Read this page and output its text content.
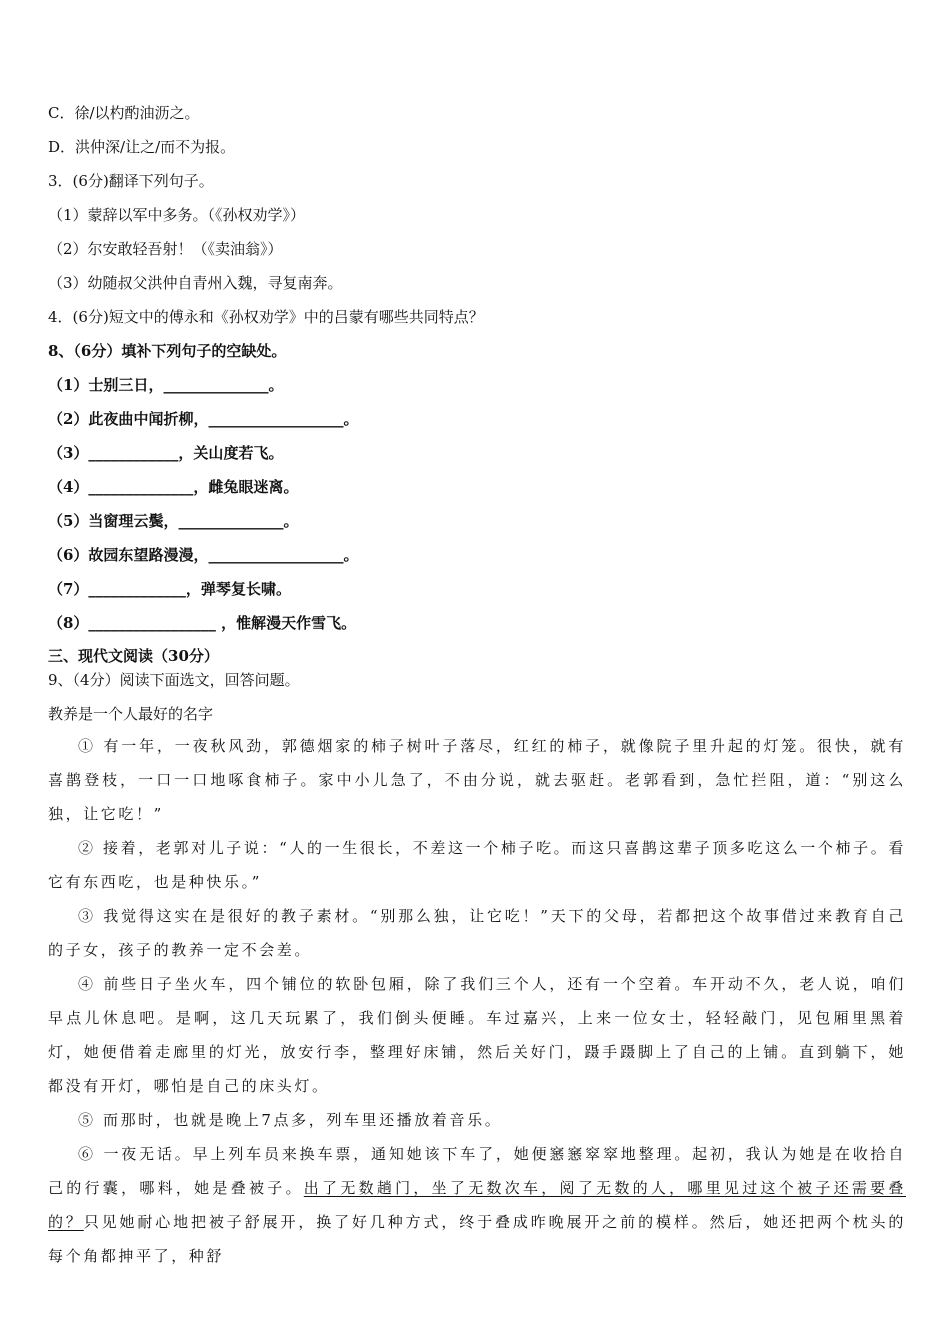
C．徐/以杓酌油沥之。
D．洪仲深/让之/而不为报。
3．(6分)翻译下列句子。
（1）蒙辞以军中多务。（《孙权劝学》）
（2）尔安敢轻吾射！（《卖油翁》）
（3）幼随叔父洪仲自青州入魏，寻复南奔。
4．(6分)短文中的傅永和《孙权劝学》中的吕蒙有哪些共同特点？
8、（6分）填补下列句子的空缺处。
（1）士别三日，______________。
（2）此夜曲中闻折柳，__________________。
（3）____________，关山度若飞。
（4）______________，雌兔眼迷离。
（5）当窗理云鬓，______________。
（6）故园东望路漫漫，__________________。
（7）_____________，弹琴复长啸。
（8）_________________ ，惟解漫天作雪飞。
三、现代文阅读（30分）
9、（4分）阅读下面选文，回答问题。
教养是一个人最好的名字

① 有一年，一夜秋风劲，郭德烟家的柿子树叶子落尽，红红的柿子，就像院子里升起的灯笼。很快，就有喜鹊登枝，一口一口地啄食柿子。家中小儿急了，不由分说，就去驱赶。老郭看到，急忙拦阻，道：“别这么独，让它吃！”

② 接着，老郭对儿子说：“人的一生很长，不差这一个柿子吃。而这只喜鹊这辈子顶多吃这么一个柿子。看它有东西吃，也是种快乐。”

③ 我觉得这实在是很好的教子素材。“别那么独，让它吃！”天下的父母，若都把这个故事借过来教育自己的子女，孩子的教养一定不会差。

④ 前些日子坐火车，四个铺位的软卧包厢，除了我们三个人，还有一个空着。车开动不久，老人说，咱们早点儿休息吧。是啊，这几天玩累了，我们倒头便睡。车过嘉兴，上来一位女士，轻轻敲门，见包厢里黑着灯，她便借着走廊里的灯光，放安行李，整理好床铺，然后关好门，蹑手蹑脚上了自己的上铺。直到躺下，她都没有开灯，哪怕是自己的床头灯。

⑤ 而那时，也就是晚上7点多，列车里还播放着音乐。

⑥ 一夜无话。早上列车员来换车票，通知她该下车了，她便窸窸窣窣地整理。起初，我认为她是在收拾自己的行囊，哪料，她是叠被子。出了无数趟门，坐了无数次车，阅了无数的人，哪里见过这个被子还需要叠的？只见她耐心地把被子舒展开，换了好几种方式，终于叠成昨晚展开之前的模样。然后，她还把两个枕头的每个角都抻平了，种舒
